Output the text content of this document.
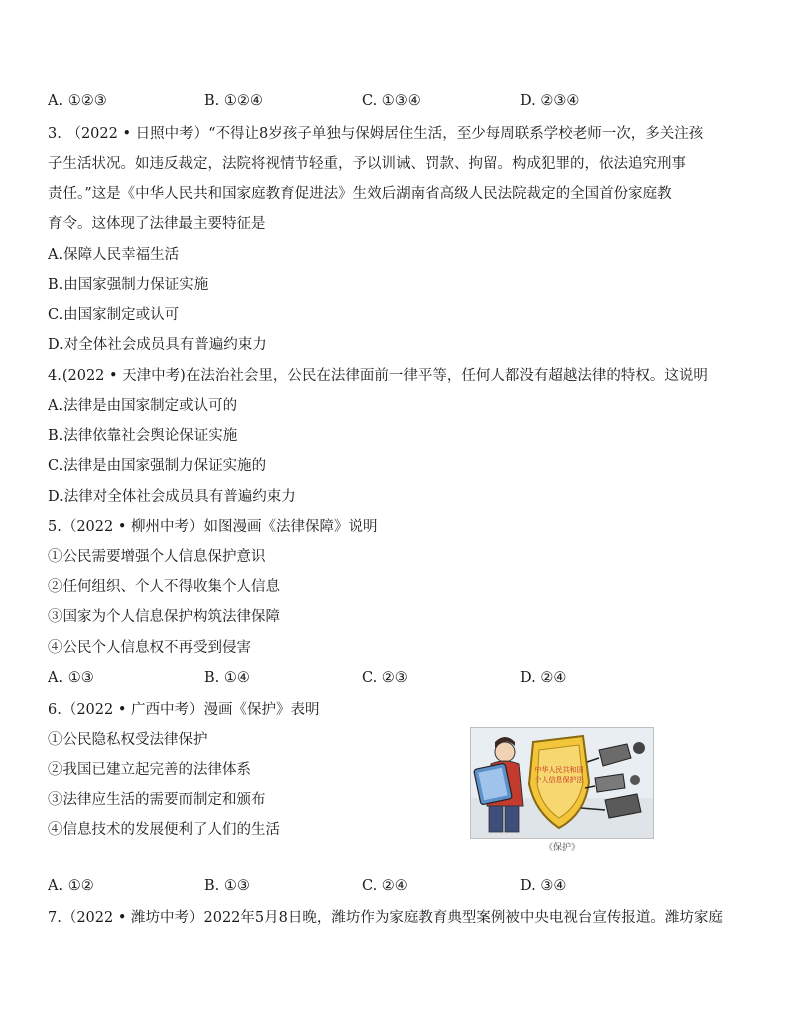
A. ①②③	B. ①②④	C. ①③④	D. ②③④
3. （2022 • 日照中考）“不得让8岁孩子单独与保姆居住生活，至少每周联系学校老师一次，多关注孩
子生活状况。如违反裁定，法院将视情节轻重，予以训诫、罚款、拘留。构成犯罪的，依法追究刑事
责任。”这是《中华人民共和国家庭教育促进法》生效后湖南省高级人民法院裁定的全国首份家庭教
育令。这体现了法律最主要特征是
A.保障人民幸福生活
B.由国家强制力保证实施
C.由国家制定或认可
D.对全体社会成员具有普遍约束力
4.(2022 • 天津中考)在法治社会里，公民在法律面前一律平等，任何人都没有超越法律的特权。这说明
A.法律是由国家制定或认可的
B.法律依靠社会舆论保证实施
C.法律是由国家强制力保证实施的
D.法律对全体社会成员具有普遍约束力
5.（2022 • 柳州中考）如图漫画《法律保障》说明
①公民需要增强个人信息保护意识
②任何组织、个人不得收集个人信息
③国家为个人信息保护构筑法律保障
④公民个人信息权不再受到侵害
A. ①③	B. ①④	C. ②③	D. ②④
6.（2022 • 广西中考）漫画《保护》表明
①公民隐私权受法律保护
②我国已建立起完善的法律体系
③法律应生活的需要而制定和颁布
④信息技术的发展便利了人们的生活
中华人民共和国
个人信息保护法
《保护》
A. ①②	B. ①③	C. ②④	D. ③④
7.（2022 • 潍坊中考）2022年5月8日晚，潍坊作为家庭教育典型案例被中央电视台宣传报道。潍坊家庭
